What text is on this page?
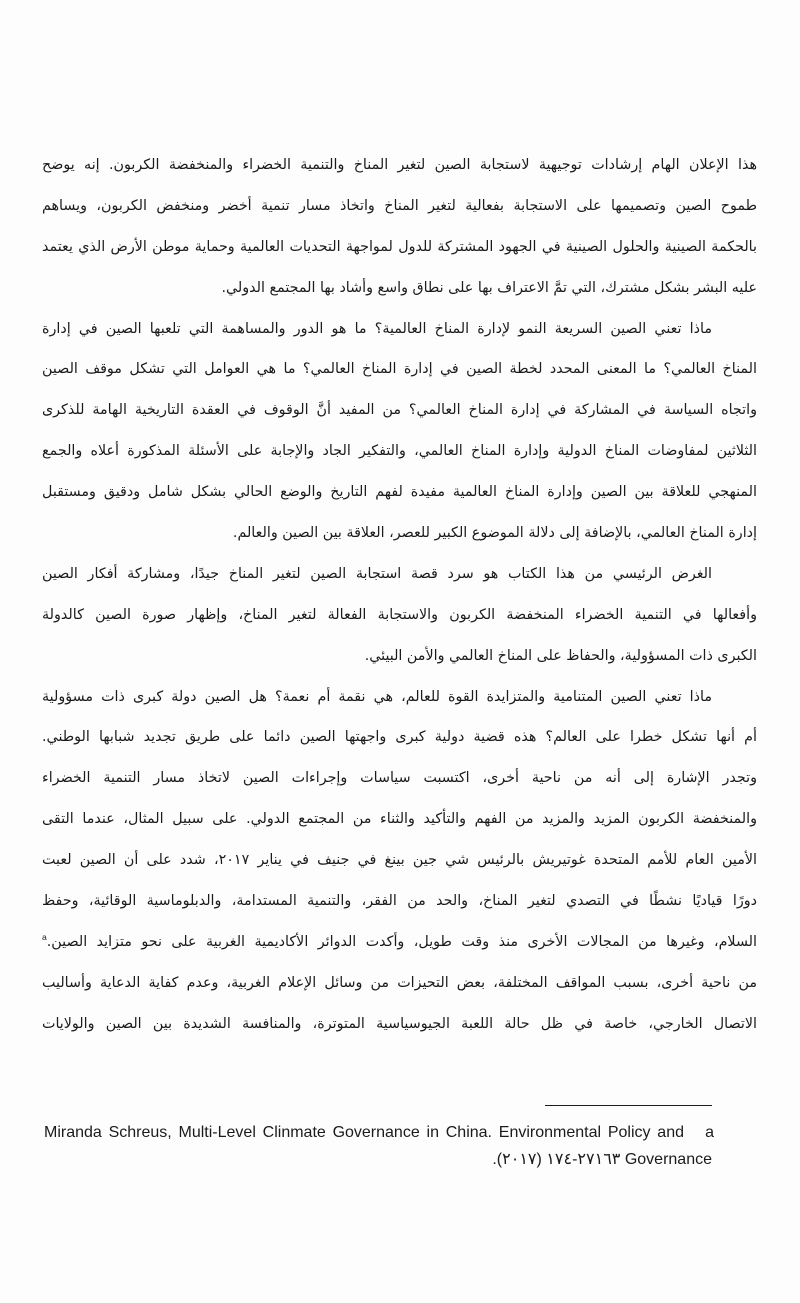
هذا الإعلان الهام إرشادات توجيهية لاستجابة الصين لتغير المناخ والتنمية الخضراء والمنخفضة الكربون. إنه يوضح
طموح الصين وتصميمها على الاستجابة بفعالية لتغير المناخ واتخاذ مسار تنمية أخضر ومنخفض الكربون، ويساهم
بالحكمة الصينية والحلول الصينية في الجهود المشتركة للدول لمواجهة التحديات العالمية وحماية موطن الأرض الذي يعتمد
عليه البشر بشكل مشترك، التي تمَّ الاعتراف بها على نطاق واسع وأشاد بها المجتمع الدولي.
ماذا تعني الصين السريعة النمو لإدارة المناخ العالمية؟ ما هو الدور والمساهمة التي تلعبها الصين في إدارة
المناخ العالمي؟ ما المعنى المحدد لخطة الصين في إدارة المناخ العالمي؟ ما هي العوامل التي تشكل موقف الصين
واتجاه السياسة في المشاركة في إدارة المناخ العالمي؟ من المفيد أنَّ الوقوف في العقدة التاريخية الهامة للذكرى
الثلاثين لمفاوضات المناخ الدولية وإدارة المناخ العالمي، والتفكير الجاد والإجابة على الأسئلة المذكورة أعلاه والجمع
المنهجي للعلاقة بين الصين وإدارة المناخ العالمية مفيدة لفهم التاريخ والوضع الحالي بشكل شامل ودقيق ومستقبل
إدارة المناخ العالمي، بالإضافة إلى دلالة الموضوع الكبير للعصر، العلاقة بين الصين والعالم.
الغرض الرئيسي من هذا الكتاب هو سرد قصة استجابة الصين لتغير المناخ جيدًا، ومشاركة أفكار الصين
وأفعالها في التنمية الخضراء المنخفضة الكربون والاستجابة الفعالة لتغير المناخ، وإظهار صورة الصين كالدولة
الكبرى ذات المسؤولية، والحفاظ على المناخ العالمي والأمن البيئي.
ماذا تعني الصين المتنامية والمتزايدة القوة للعالم، هي نقمة أم نعمة؟ هل الصين دولة كبرى ذات مسؤولية
أم أنها تشكل خطرا على العالم؟ هذه قضية دولية كبرى واجهتها الصين دائما على طريق تجديد شبابها الوطني.
وتجدر الإشارة إلى أنه من ناحية أخرى، اكتسبت سياسات وإجراءات الصين لاتخاذ مسار التنمية الخضراء
والمنخفضة الكربون المزيد والمزيد من الفهم والتأكيد والثناء من المجتمع الدولي. على سبيل المثال، عندما التقى
الأمين العام للأمم المتحدة غوتيريش بالرئيس شي جين بينغ في جنيف في يناير ٢٠١٧، شدد على أن الصين لعبت
دورًا قياديًا نشطًا في التصدي لتغير المناخ، والحد من الفقر، والتنمية المستدامة، والدبلوماسية الوقائية، وحفظ
السلام، وغيرها من المجالات الأخرى منذ وقت طويل، وأكدت الدوائر الأكاديمية الغربية على نحو متزايد الصين.$^a$
من ناحية أخرى، بسبب المواقف المختلفة، بعض التحيزات من وسائل الإعلام الغربية، وعدم كفاية الدعاية وأساليب
الاتصال الخارجي، خاصة في ظل حالة اللعبة الجيوسياسية المتوترة، والمنافسة الشديدة بين الصين والولايات
a
Miranda Schreus, Multi-Level Clinmate Governance in China. Environmental Policy and
Governance ٢٧١٦٣-١٧٤ (٢٠١٧).
